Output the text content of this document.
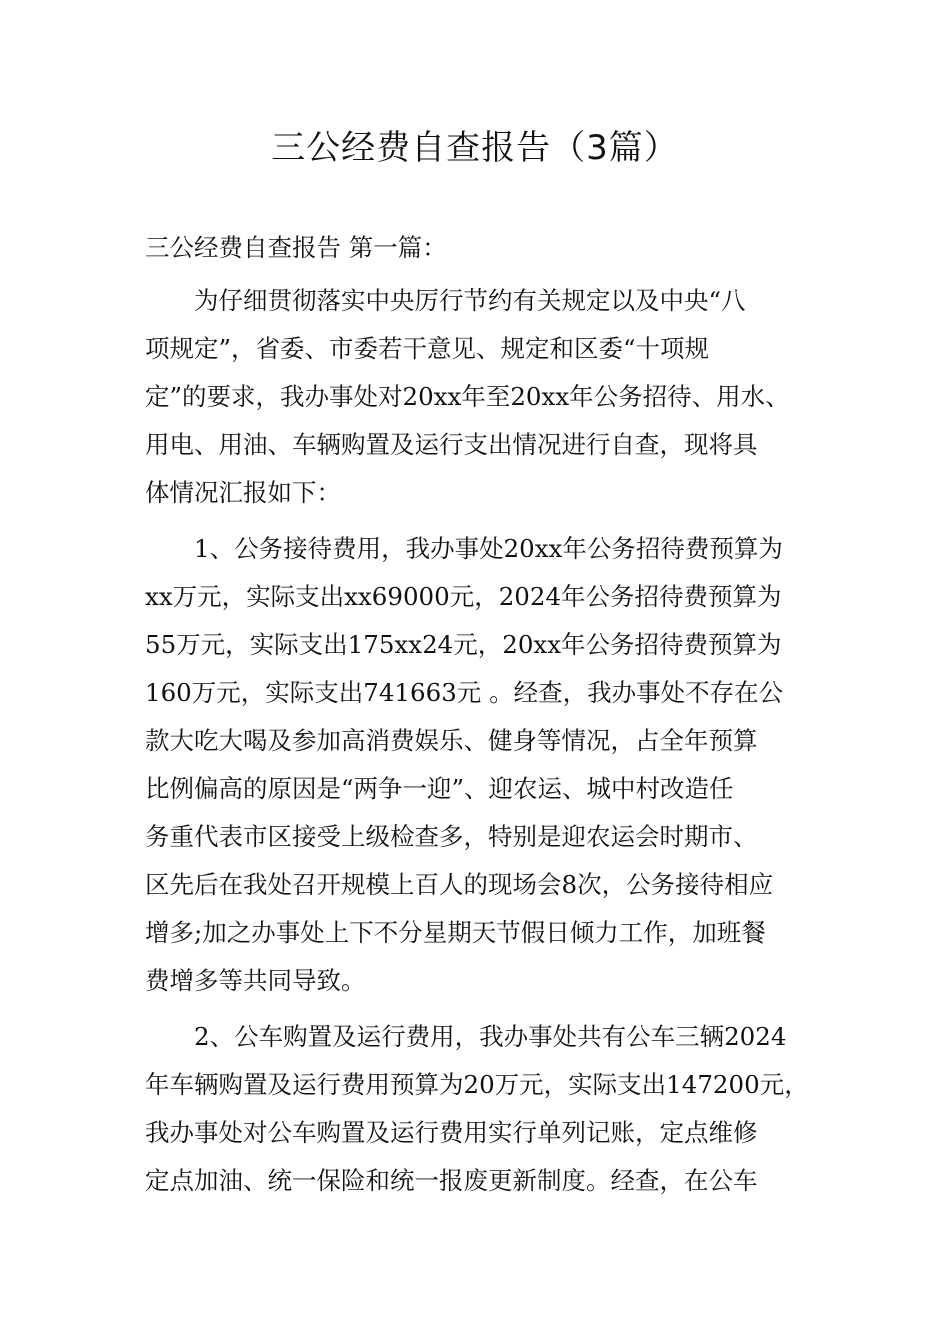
三公经费自查报告（3篇）
三公经费自查报告 第一篇：
　　为仔细贯彻落实中央厉行节约有关规定以及中央“八
项规定”，省委、市委若干意见、规定和区委“十项规
定”的要求，我办事处对20xx年至20xx年公务招待、用水、
用电、用油、车辆购置及运行支出情况进行自查，现将具
体情况汇报如下：
　　1、公务接待费用，我办事处20xx年公务招待费预算为
xx万元，实际支出xx69000元，2024年公务招待费预算为
55万元，实际支出175xx24元，20xx年公务招待费预算为
160万元，实际支出741663元 。经查，我办事处不存在公
款大吃大喝及参加高消费娱乐、健身等情况，占全年预算
比例偏高的原因是“两争一迎”、迎农运、城中村改造任
务重代表市区接受上级检查多，特别是迎农运会时期市、
区先后在我处召开规模上百人的现场会8次，公务接待相应
增多;加之办事处上下不分星期天节假日倾力工作，加班餐
费增多等共同导致。
　　2、公车购置及运行费用，我办事处共有公车三辆2024
年车辆购置及运行费用预算为20万元，实际支出147200元，
我办事处对公车购置及运行费用实行单列记账，定点维修
定点加油、统一保险和统一报废更新制度。经查，在公车
